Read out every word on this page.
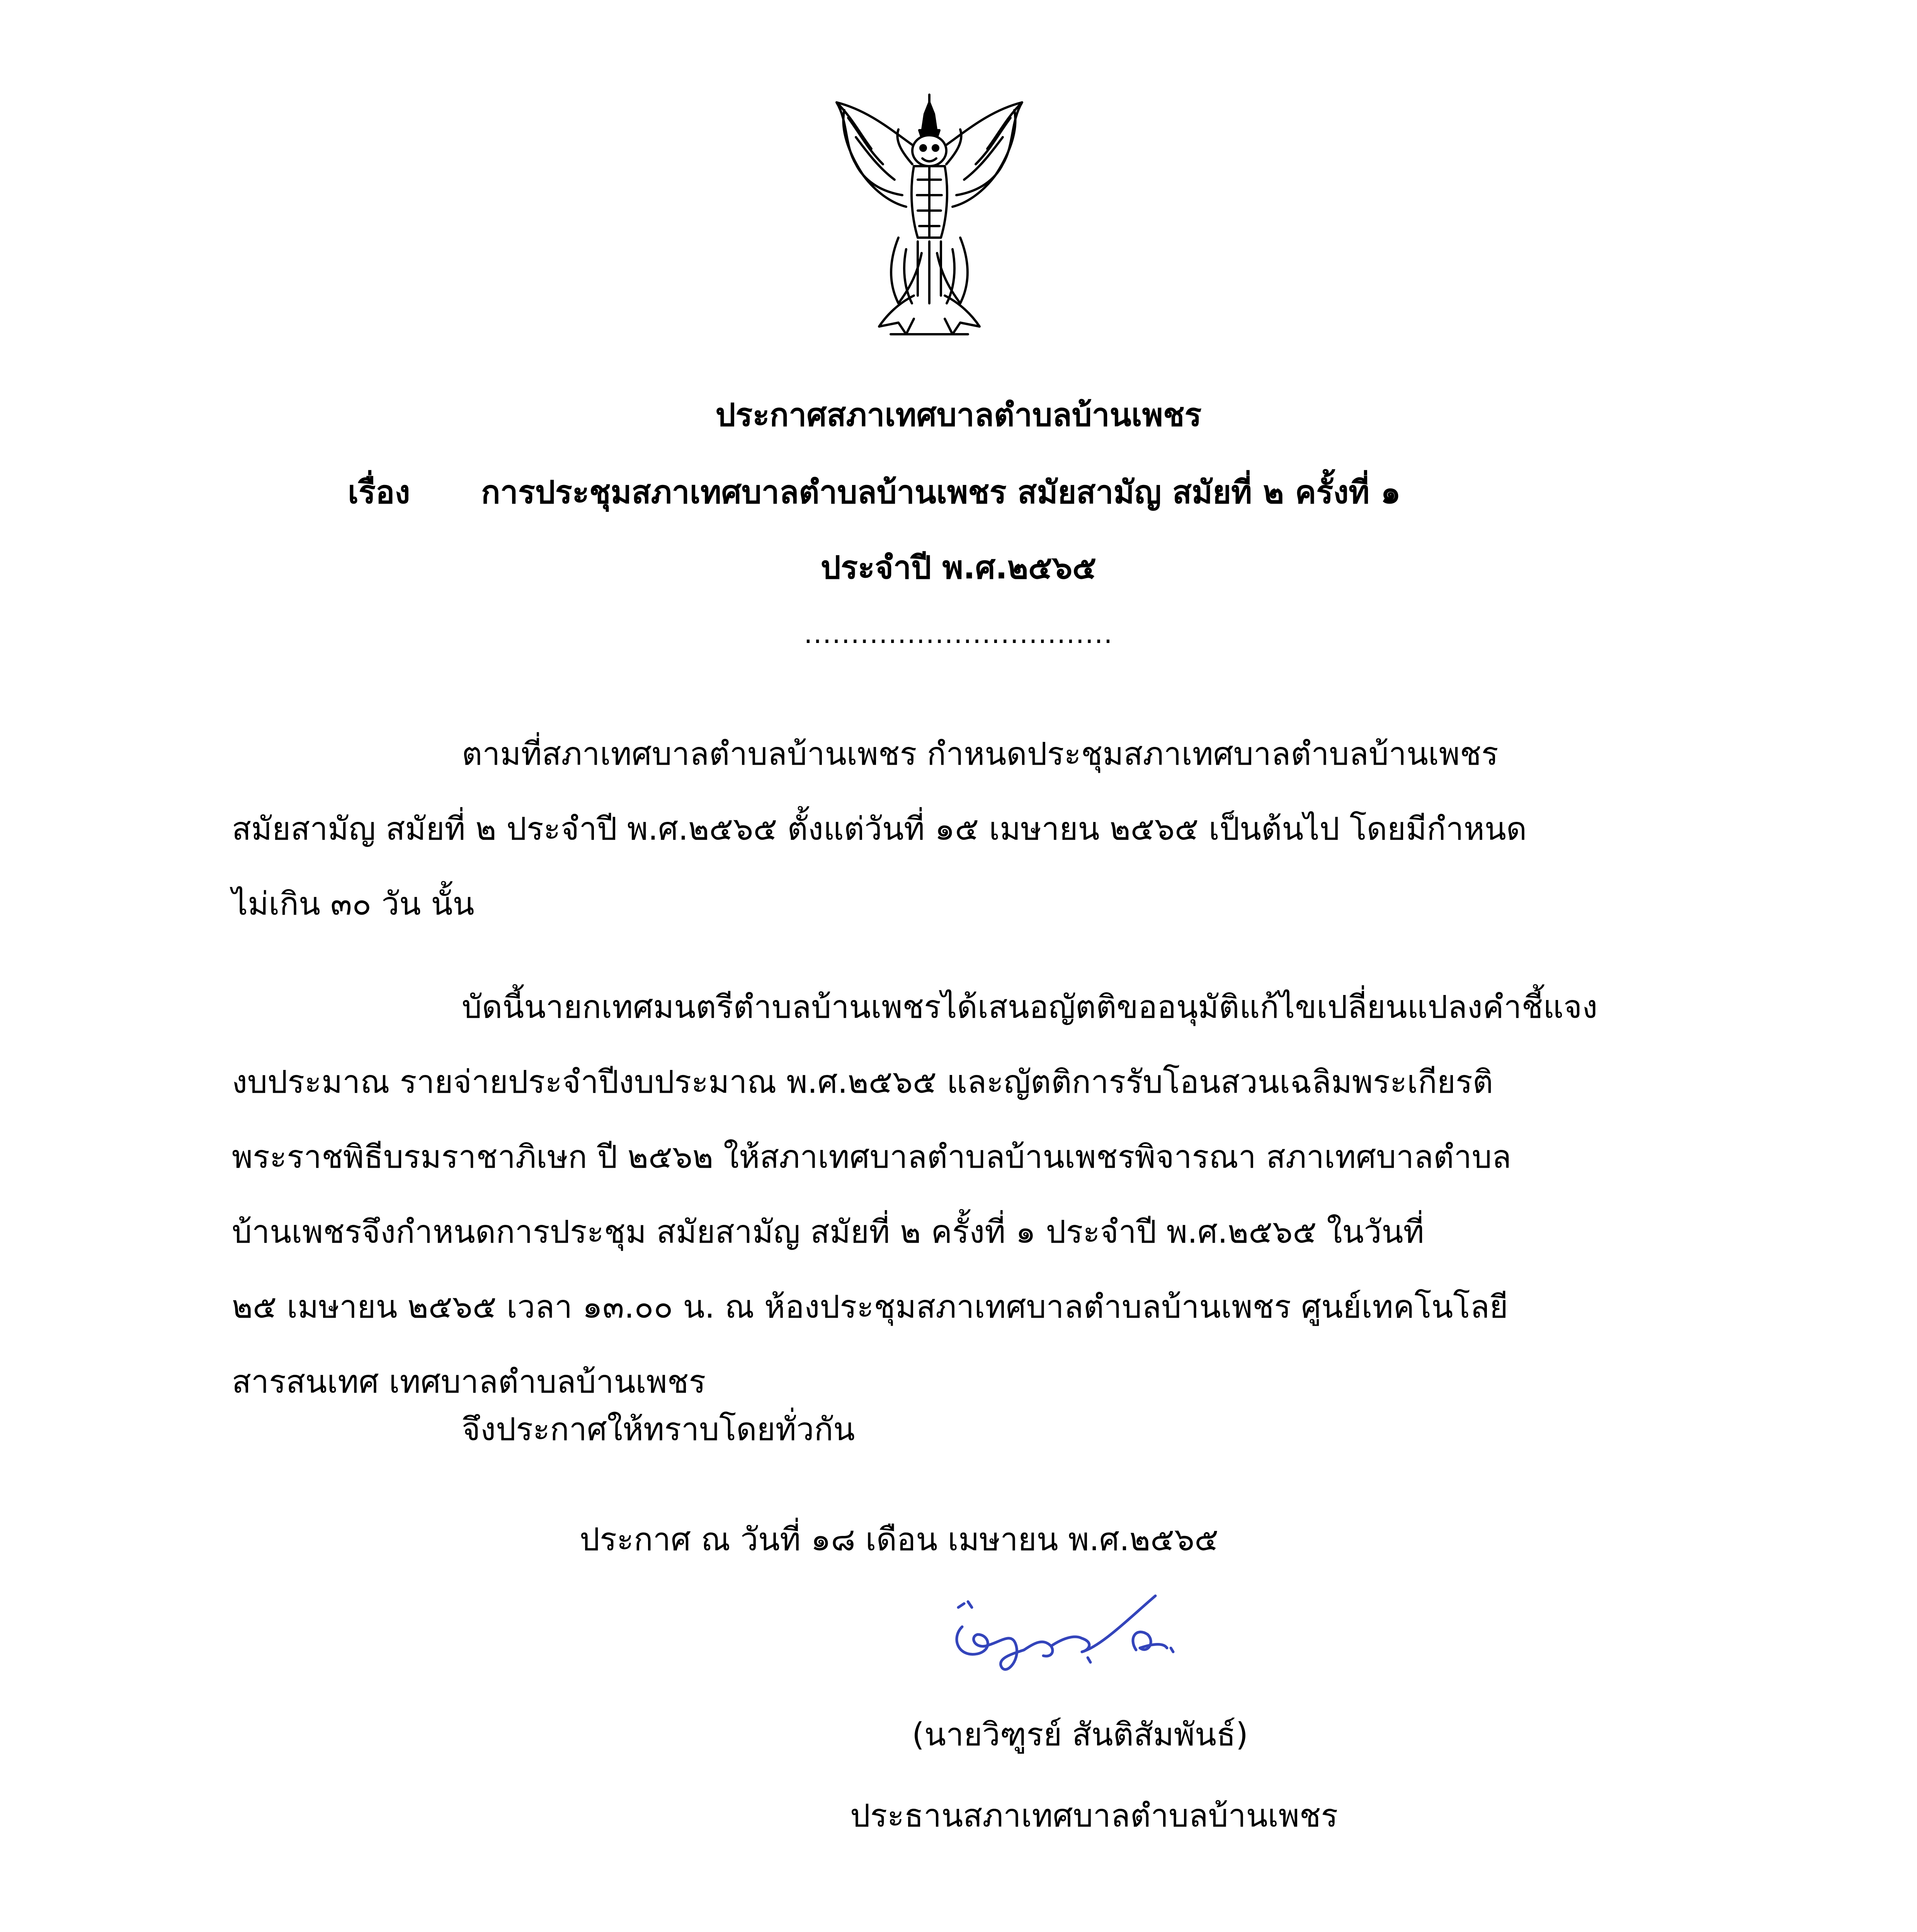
ประกาศสภาเทศบาลตำบลบ้านเพชร
เรื่อง การประชุมสภาเทศบาลตำบลบ้านเพชร สมัยสามัญ สมัยที่ ๒ ครั้งที่ ๑
ประจำปี พ.ศ.๒๕๖๕
.................................
ตามที่สภาเทศบาลตำบลบ้านเพชร กำหนดประชุมสภาเทศบาลตำบลบ้านเพชร
สมัยสามัญ สมัยที่ ๒ ประจำปี พ.ศ.๒๕๖๕ ตั้งแต่วันที่ ๑๕ เมษายน ๒๕๖๕ เป็นต้นไป โดยมีกำหนด
ไม่เกิน ๓๐ วัน นั้น
บัดนี้นายกเทศมนตรีตำบลบ้านเพชรได้เสนอญัตติขออนุมัติแก้ไขเปลี่ยนแปลงคำชี้แจง
งบประมาณ รายจ่ายประจำปีงบประมาณ พ.ศ.๒๕๖๕ และญัตติการรับโอนสวนเฉลิมพระเกียรติ
พระราชพิธีบรมราชาภิเษก ปี ๒๕๖๒ ให้สภาเทศบาลตำบลบ้านเพชรพิจารณา สภาเทศบาลตำบล
บ้านเพชรจึงกำหนดการประชุม สมัยสามัญ สมัยที่ ๒ ครั้งที่ ๑ ประจำปี พ.ศ.๒๕๖๕ ในวันที่
๒๕ เมษายน ๒๕๖๕ เวลา ๑๓.๐๐ น. ณ ห้องประชุมสภาเทศบาลตำบลบ้านเพชร ศูนย์เทคโนโลยี
สารสนเทศ เทศบาลตำบลบ้านเพชร
จึงประกาศให้ทราบโดยทั่วกัน
ประกาศ ณ วันที่ ๑๘ เดือน เมษายน พ.ศ.๒๕๖๕
(นายวิฑูรย์ สันติสัมพันธ์)
ประธานสภาเทศบาลตำบลบ้านเพชร
